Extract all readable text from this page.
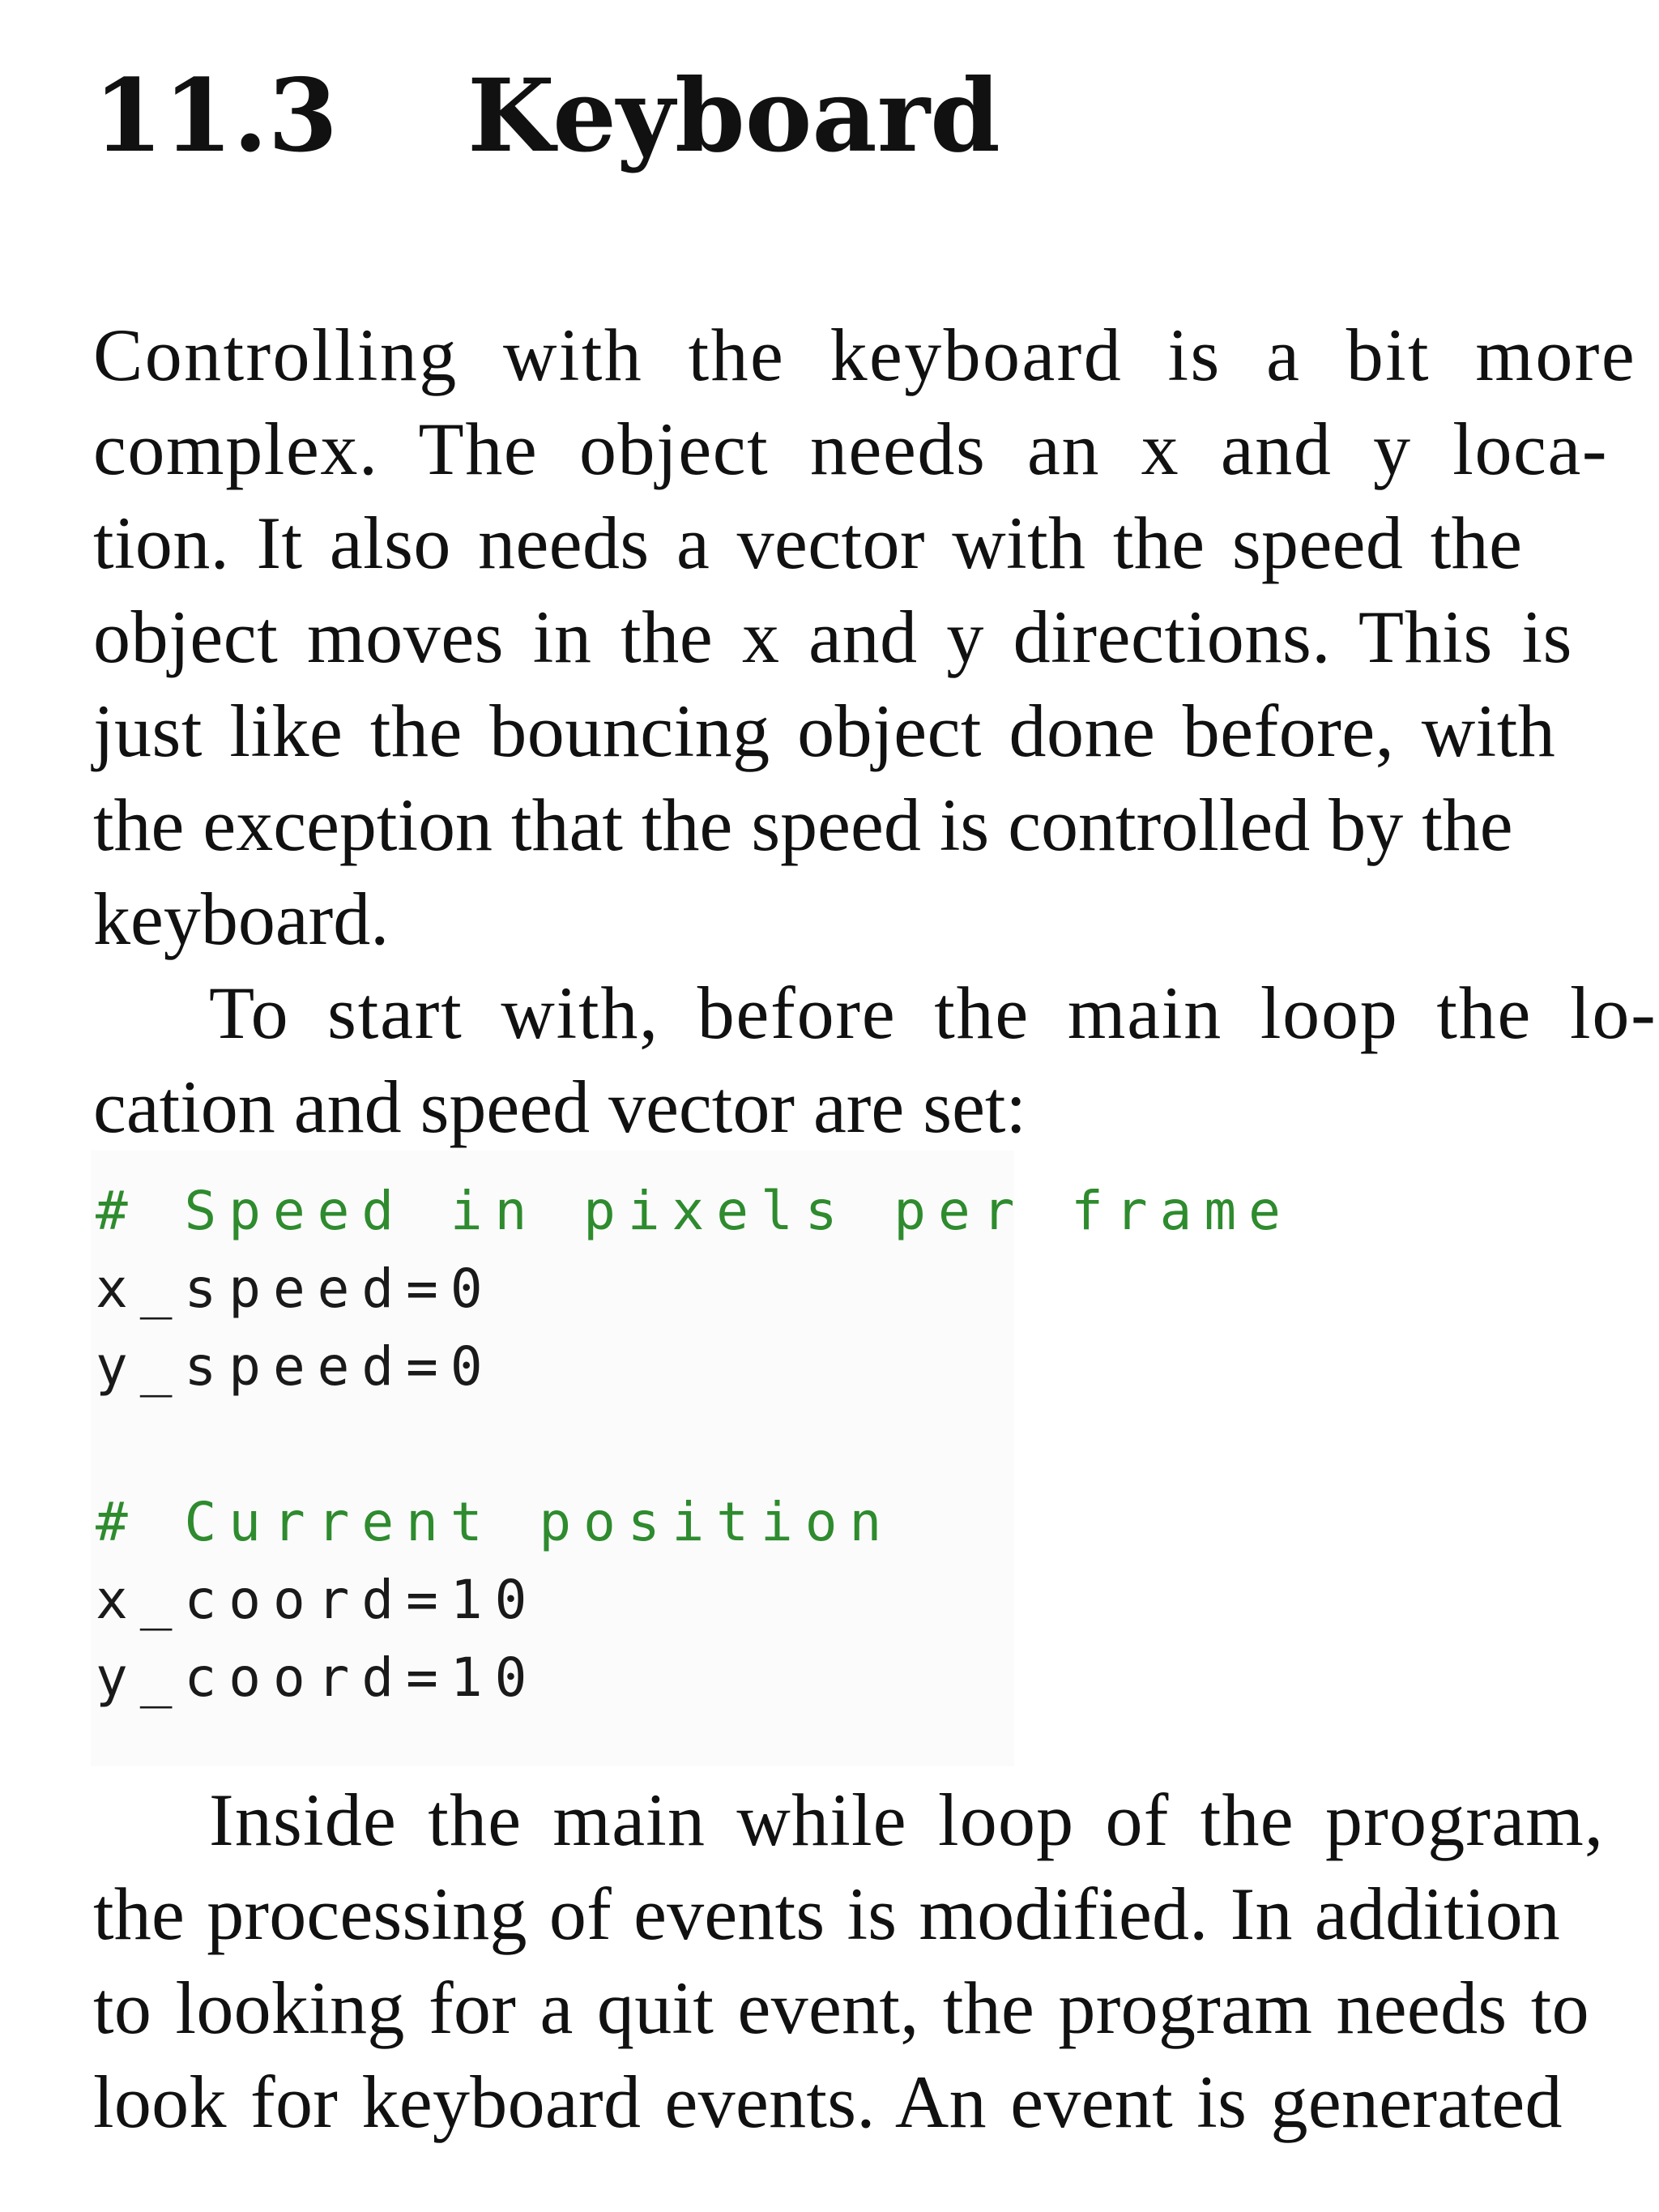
11.3 Keyboard
Controlling with the keyboard is a bit more
complex. The object needs an x and y loca-
tion. It also needs a vector with the speed the
object moves in the x and y directions. This is
just like the bouncing object done before, with
the exception that the speed is controlled by the
keyboard.
To start with, before the main loop the lo-
cation and speed vector are set:
# Speed in pixels per frame
x_speed=0
y_speed=0
# Current position
x_coord=10
y_coord=10
Inside the main while loop of the program,
the processing of events is modified. In addition
to looking for a quit event, the program needs to
look for keyboard events. An event is generated
